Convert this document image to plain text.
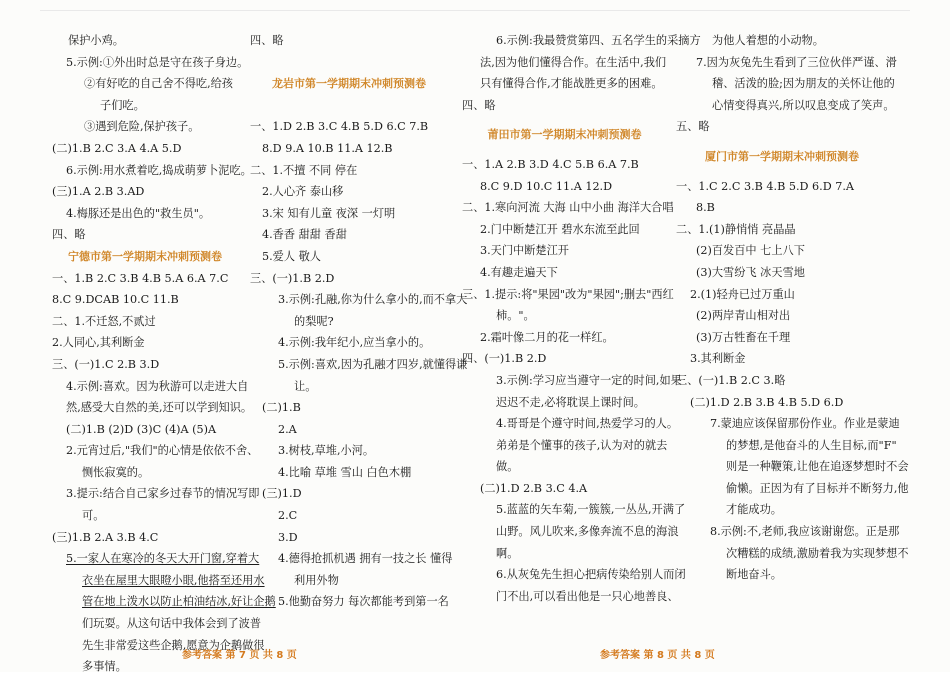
保护小鸡。
5.示例:①外出时总是守在孩子身边。
②有好吃的自己舍不得吃,给孩
子们吃。
③遇到危险,保护孩子。
(二)1.B 2.C 3.A 4.A 5.D
6.示例:用水煮着吃,捣成萌萝卜泥吃。
(三)1.A 2.B 3.AD
4.梅豚还是出色的"救生员"。
四、略
宁德市第一学期期末冲刺预测卷
一、1.B 2.C 3.B 4.B 5.A 6.A 7.C
8.C 9.DCAB 10.C 11.B
二、1.不迁怒,不贰过
2.人同心,其利断金
三、(一)1.C 2.B 3.D
4.示例:喜欢。因为秋游可以走进大自
然,感受大自然的美,还可以学到知识。
(二)1.B (2)D (3)C (4)A (5)A
2.元宵过后,"我们"的心情是依依不舍、
恻怅寂寞的。
3.提示:结合自己家乡过春节的情况写即
可。
(三)1.B 2.A 3.B 4.C
5.一家人在寒冷的冬天大开门窗,穿着大
衣坐在屋里大眼瞪小眼,他搭至还用水
管在地上泼水以防止柏油结冰,好让企鹅
们玩耍。从这句话中我体会到了波普
先生非常爱这些企鹅,愿意为企鹅做很
多事情。
四、略
龙岩市第一学期期末冲刺预测卷
一、1.D 2.B 3.C 4.B 5.D 6.C 7.B
8.D 9.A 10.B 11.A 12.B
二、1.不擅 不同 停在
2.人心齐 泰山移
3.宋 知有儿童 夜深 一灯明
4.香香 甜甜 香甜
5.爱人 敬人
三、(一)1.B 2.D
3.示例:孔融,你为什么拿小的,而不拿大
的梨呢?
4.示例:我年纪小,应当拿小的。
5.示例:喜欢,因为孔融才四岁,就懂得谦
让。
(二)1.B
2.A
3.树枝,草堆,小河。
4.比喻 草堆 雪山 白色木棚
(三)1.D
2.C
3.D
4.德得抢抓机遇 拥有一技之长 懂得
利用外物
5.他勤奋努力 每次都能考到第一名
6.示例:我最赞赏第四、五名学生的采摘方
法,因为他们懂得合作。在生活中,我们
只有懂得合作,才能战胜更多的困难。
四、略
莆田市第一学期期末冲刺预测卷
一、1.A 2.B 3.D 4.C 5.B 6.A 7.B
8.C 9.D 10.C 11.A 12.D
二、1.寒向河流 大海 山中小曲 海洋大合唱
2.门中断楚江开 碧水东流至此回
3.天门中断楚江开
4.有趣走遍天下
三、1.提示:将"果园"改为"果园";删去"西红
柿。"。
2.霜叶像二月的花一样红。
四、(一)1.B 2.D
3.示例:学习应当遵守一定的时间,如果
迟迟不走,必将耽误上课时间。
4.哥哥是个遵守时间,热爱学习的人。
弟弟是个懂事的孩子,认为对的就去
做。
(二)1.D 2.B 3.C 4.A
5.蓝蓝的矢车菊,一簇簇,一丛丛,开满了
山野。风儿吹来,多像奔流不息的海浪
啊。
6.从灰兔先生担心把病传染给别人而闭
门不出,可以看出他是一只心地善良、
为他人着想的小动物。
7.因为灰兔先生看到了三位伙伴严谨、滑
稽、活泼的脸;因为朋友的关怀让他的
心情变得真兴,所以叹息变成了笑声。
五、略
厦门市第一学期期末冲刺预测卷
一、1.C 2.C 3.B 4.B 5.D 6.D 7.A
8.B
二、1.(1)静悄悄 亮晶晶
(2)百发百中 七上八下
(3)大雪纷飞 冰天雪地
2.(1)轻舟已过万重山
(2)两岸青山相对出
(3)万古牲畜在千理
3.其利断金
三、(一)1.B 2.C 3.略
(二)1.D 2.B 3.B 4.B 5.D 6.D
7.蒙迪应该保留那份作业。作业是蒙迪
的梦想,是他奋斗的人生目标,而"F"
则是一种鞭策,让他在追逐梦想时不会
偷懒。正因为有了目标并不断努力,他
才能成功。
8.示例:不,老师,我应该谢谢您。正是那
次糟糕的成绩,激励着我为实现梦想不
断地奋斗。
参考答案 第 7 页 共 8 页	参考答案 第 8 页 共 8 页
